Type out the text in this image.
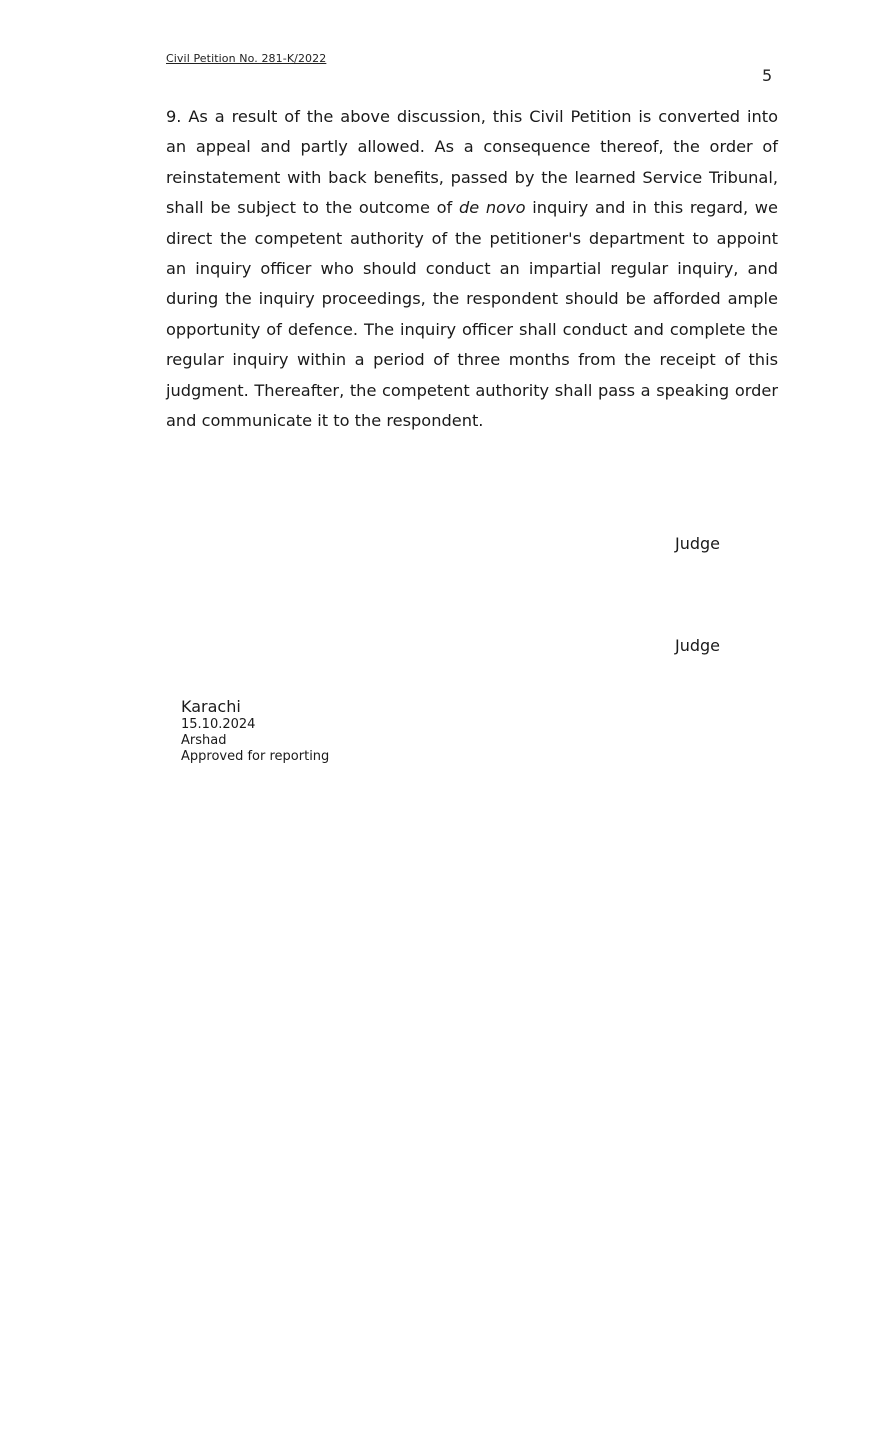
Civil Petition No. 281-K/2022
5

9. As a result of the above discussion, this Civil Petition is converted into an appeal and partly allowed. As a consequence thereof, the order of reinstatement with back benefits, passed by the learned Service Tribunal, shall be subject to the outcome of de novo inquiry and in this regard, we direct the competent authority of the petitioner's department to appoint an inquiry officer who should conduct an impartial regular inquiry, and during the inquiry proceedings, the respondent should be afforded ample opportunity of defence. The inquiry officer shall conduct and complete the regular inquiry within a period of three months from the receipt of this judgment. Thereafter, the competent authority shall pass a speaking order and communicate it to the respondent.

Judge
Judge
Karachi
15.10.2024
Arshad
Approved for reporting
